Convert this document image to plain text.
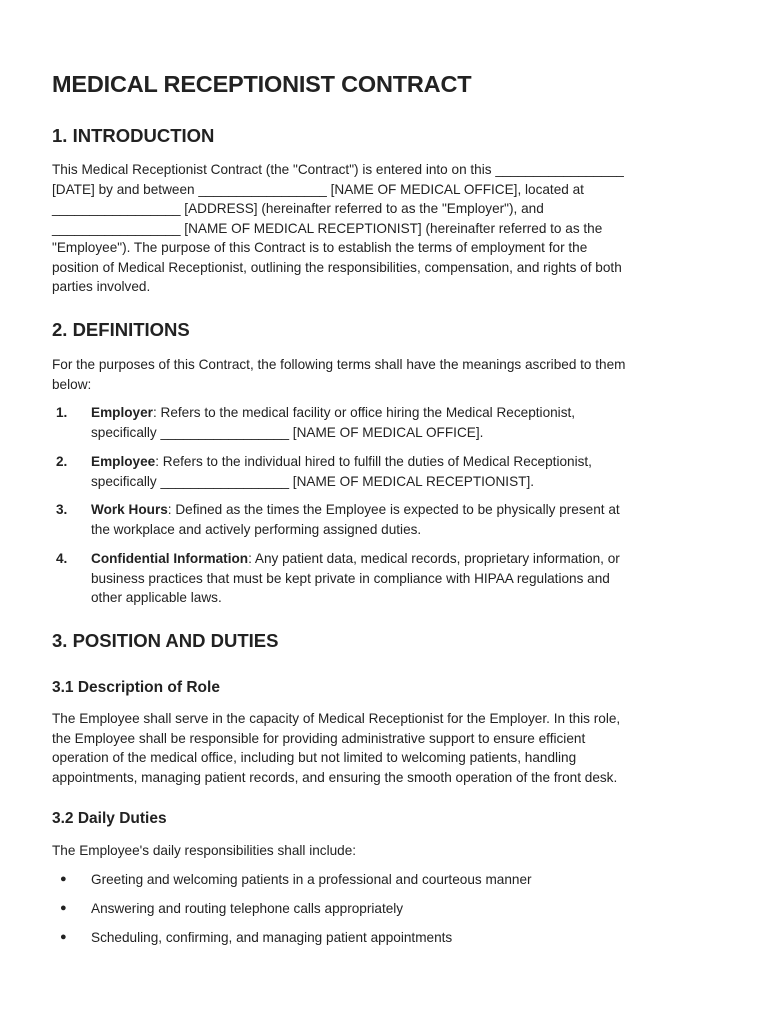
MEDICAL RECEPTIONIST CONTRACT
1. INTRODUCTION

This Medical Receptionist Contract (the "Contract") is entered into on this _________________
[DATE] by and between _________________ [NAME OF MEDICAL OFFICE], located at
_________________ [ADDRESS] (hereinafter referred to as the "Employer"), and
_________________ [NAME OF MEDICAL RECEPTIONIST] (hereinafter referred to as the
"Employee"). The purpose of this Contract is to establish the terms of employment for the
position of Medical Receptionist, outlining the responsibilities, compensation, and rights of both
parties involved.

2. DEFINITIONS

For the purposes of this Contract, the following terms shall have the meanings ascribed to them
below:

1. Employer: Refers to the medical facility or office hiring the Medical Receptionist,
specifically _________________ [NAME OF MEDICAL OFFICE].
2. Employee: Refers to the individual hired to fulfill the duties of Medical Receptionist,
specifically _________________ [NAME OF MEDICAL RECEPTIONIST].
3. Work Hours: Defined as the times the Employee is expected to be physically present at
the workplace and actively performing assigned duties.
4. Confidential Information: Any patient data, medical records, proprietary information, or
business practices that must be kept private in compliance with HIPAA regulations and
other applicable laws.
3. POSITION AND DUTIES
3.1 Description of Role

The Employee shall serve in the capacity of Medical Receptionist for the Employer. In this role,
the Employee shall be responsible for providing administrative support to ensure efficient
operation of the medical office, including but not limited to welcoming patients, handling
appointments, managing patient records, and ensuring the smooth operation of the front desk.

3.2 Daily Duties

The Employee's daily responsibilities shall include:

● Greeting and welcoming patients in a professional and courteous manner
● Answering and routing telephone calls appropriately
● Scheduling, confirming, and managing patient appointments
